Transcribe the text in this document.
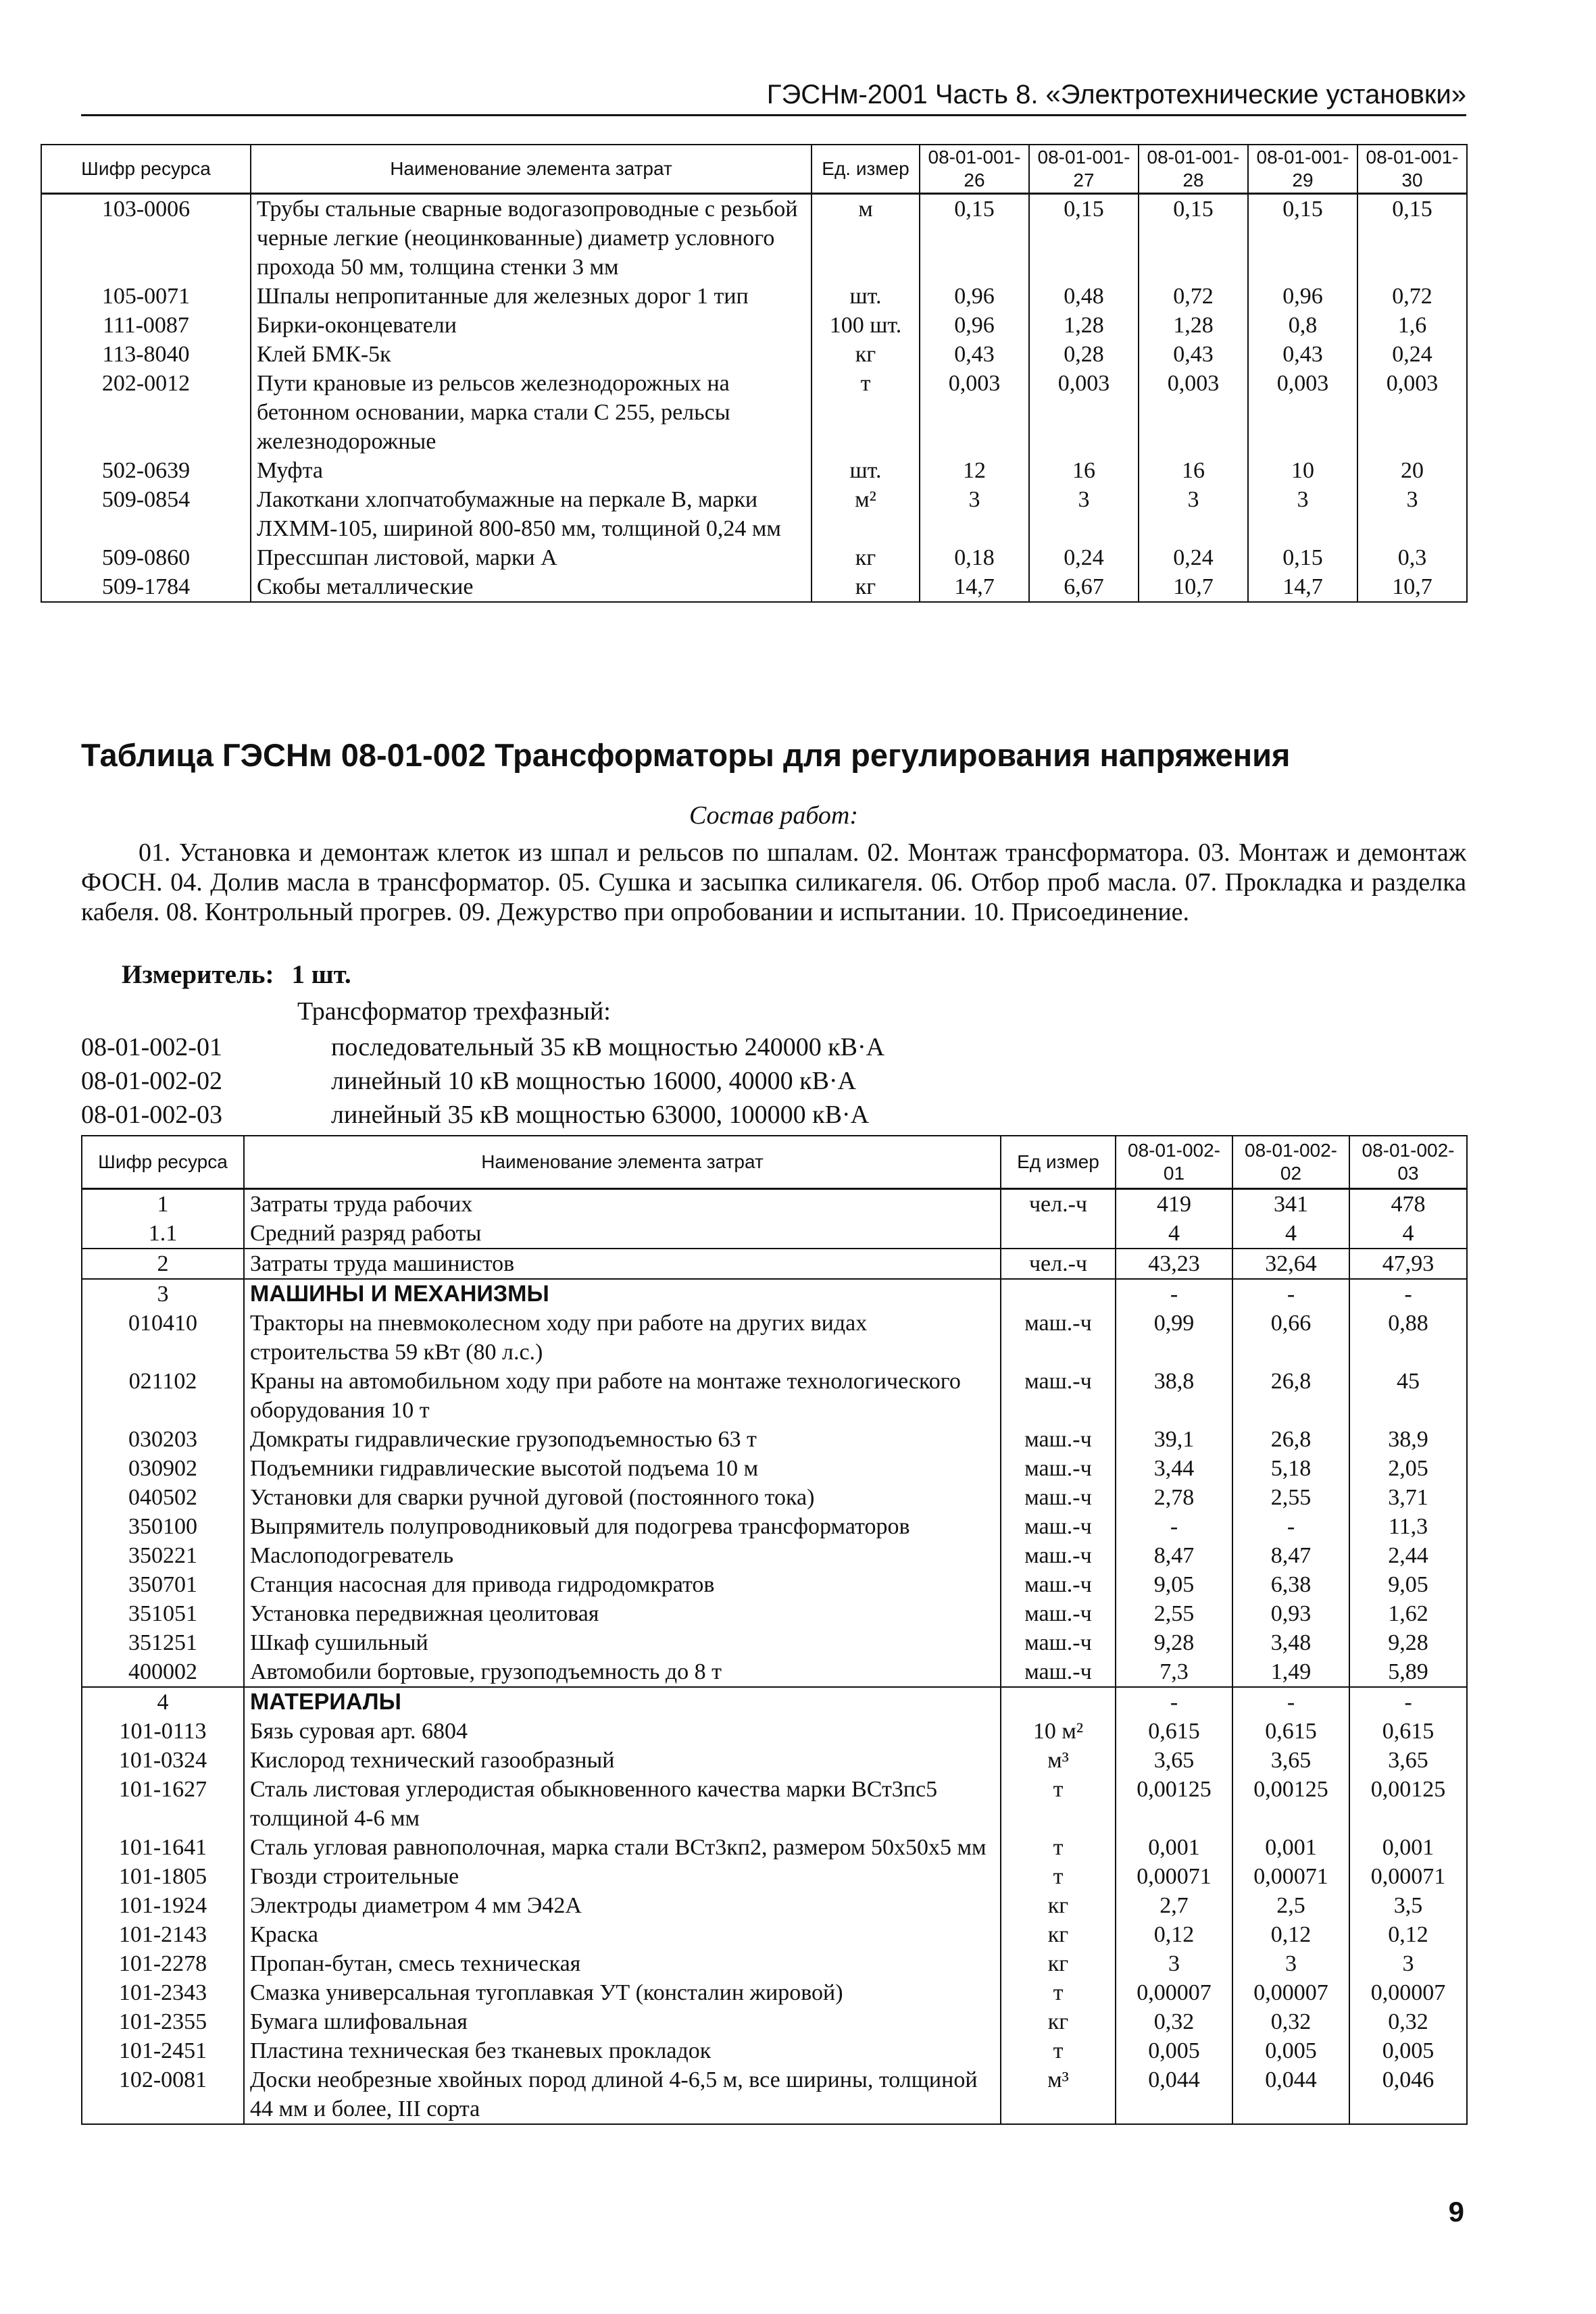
ГЭСНм-2001 Часть 8. «Электротехнические установки»
Шифр ресурса	Наименование элемента затрат	Ед. измер	08-01-001-26	08-01-001-27	08-01-001-28	08-01-001-29	08-01-001-30
103-0006	Трубы стальные сварные водогазопроводные с резьбой черные легкие (неоцинкованные) диаметр условного прохода 50 мм, толщина стенки 3 мм	м	0,15	0,15	0,15	0,15	0,15
105-0071	Шпалы непропитанные для железных дорог 1 тип	шт.	0,96	0,48	0,72	0,96	0,72
111-0087	Бирки-оконцеватели	100 шт.	0,96	1,28	1,28	0,8	1,6
113-8040	Клей БМК-5к	кг	0,43	0,28	0,43	0,43	0,24
202-0012	Пути крановые из рельсов железнодорожных на бетонном основании, марка стали С 255, рельсы железнодорожные	т	0,003	0,003	0,003	0,003	0,003
502-0639	Муфта	шт.	12	16	16	10	20
509-0854	Лакоткани хлопчатобумажные на перкале В, марки ЛХММ-105, шириной 800-850 мм, толщиной 0,24 мм	м²	3	3	3	3	3
509-0860	Прессшпан листовой, марки А	кг	0,18	0,24	0,24	0,15	0,3
509-1784	Скобы металлические	кг	14,7	6,67	10,7	14,7	10,7
Таблица ГЭСНм 08-01-002 Трансформаторы для регулирования напряжения
Состав работ:
01. Установка и демонтаж клеток из шпал и рельсов по шпалам. 02. Монтаж трансформатора. 03. Монтаж и демонтаж ФОСН. 04. Долив масла в трансформатор. 05. Сушка и засыпка силикагеля. 06. Отбор проб масла. 07. Прокладка и разделка кабеля. 08. Контрольный прогрев. 09. Дежурство при опробовании и испытании. 10. Присоединение.
Измеритель: 1 шт.
Трансформатор трехфазный:
08-01-002-01	последовательный 35 кВ мощностью 240000 кВ·А
08-01-002-02	линейный 10 кВ мощностью 16000, 40000 кВ·А
08-01-002-03	линейный 35 кВ мощностью 63000, 100000 кВ·А
Шифр ресурса	Наименование элемента затрат	Ед измер	08-01-002-01	08-01-002-02	08-01-002-03
1	Затраты труда рабочих	чел.-ч	419	341	478
1.1	Средний разряд работы		4	4	4
2	Затраты труда машинистов	чел.-ч	43,23	32,64	47,93
3	МАШИНЫ И МЕХАНИЗМЫ		-	-	-
010410	Тракторы на пневмоколесном ходу при работе на других видах строительства 59 кВт (80 л.с.)	маш.-ч	0,99	0,66	0,88
021102	Краны на автомобильном ходу при работе на монтаже технологического оборудования 10 т	маш.-ч	38,8	26,8	45
030203	Домкраты гидравлические грузоподъемностью 63 т	маш.-ч	39,1	26,8	38,9
030902	Подъемники гидравлические высотой подъема 10 м	маш.-ч	3,44	5,18	2,05
040502	Установки для сварки ручной дуговой (постоянного тока)	маш.-ч	2,78	2,55	3,71
350100	Выпрямитель полупроводниковый для подогрева трансформаторов	маш.-ч	-	-	11,3
350221	Маслоподогреватель	маш.-ч	8,47	8,47	2,44
350701	Станция насосная для привода гидродомкратов	маш.-ч	9,05	6,38	9,05
351051	Установка передвижная цеолитовая	маш.-ч	2,55	0,93	1,62
351251	Шкаф сушильный	маш.-ч	9,28	3,48	9,28
400002	Автомобили бортовые, грузоподъемность до 8 т	маш.-ч	7,3	1,49	5,89
4	МАТЕРИАЛЫ		-	-	-
101-0113	Бязь суровая арт. 6804	10 м²	0,615	0,615	0,615
101-0324	Кислород технический газообразный	м³	3,65	3,65	3,65
101-1627	Сталь листовая углеродистая обыкновенного качества марки ВСт3пс5 толщиной 4-6 мм	т	0,00125	0,00125	0,00125
101-1641	Сталь угловая равнополочная, марка стали ВСт3кп2, размером 50x50x5 мм	т	0,001	0,001	0,001
101-1805	Гвозди строительные	т	0,00071	0,00071	0,00071
101-1924	Электроды диаметром 4 мм Э42А	кг	2,7	2,5	3,5
101-2143	Краска	кг	0,12	0,12	0,12
101-2278	Пропан-бутан, смесь техническая	кг	3	3	3
101-2343	Смазка универсальная тугоплавкая УТ (консталин жировой)	т	0,00007	0,00007	0,00007
101-2355	Бумага шлифовальная	кг	0,32	0,32	0,32
101-2451	Пластина техническая без тканевых прокладок	т	0,005	0,005	0,005
102-0081	Доски необрезные хвойных пород длиной 4-6,5 м, все ширины, толщиной 44 мм и более, III сорта	м³	0,044	0,044	0,046
9
